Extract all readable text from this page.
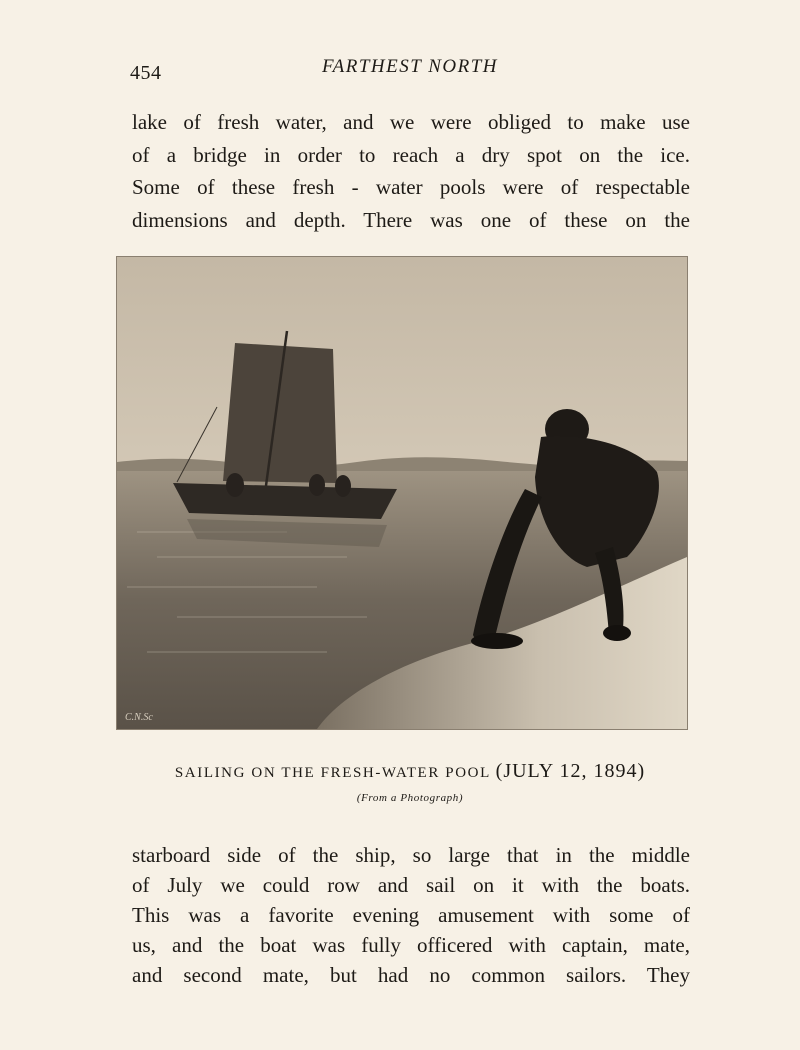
454	FARTHEST NORTH
lake of fresh water, and we were obliged to make use
of a bridge in order to reach a dry spot on the ice.
Some of these fresh - water pools were of respectable
dimensions and depth. There was one of these on the
C.N.Sc
SAILING ON THE FRESH-WATER POOL (JULY 12, 1894)
(From a Photograph)
starboard side of the ship, so large that in the middle
of July we could row and sail on it with the boats.
This was a favorite evening amusement with some of
us, and the boat was fully officered with captain, mate,
and second mate, but had no common sailors. They
